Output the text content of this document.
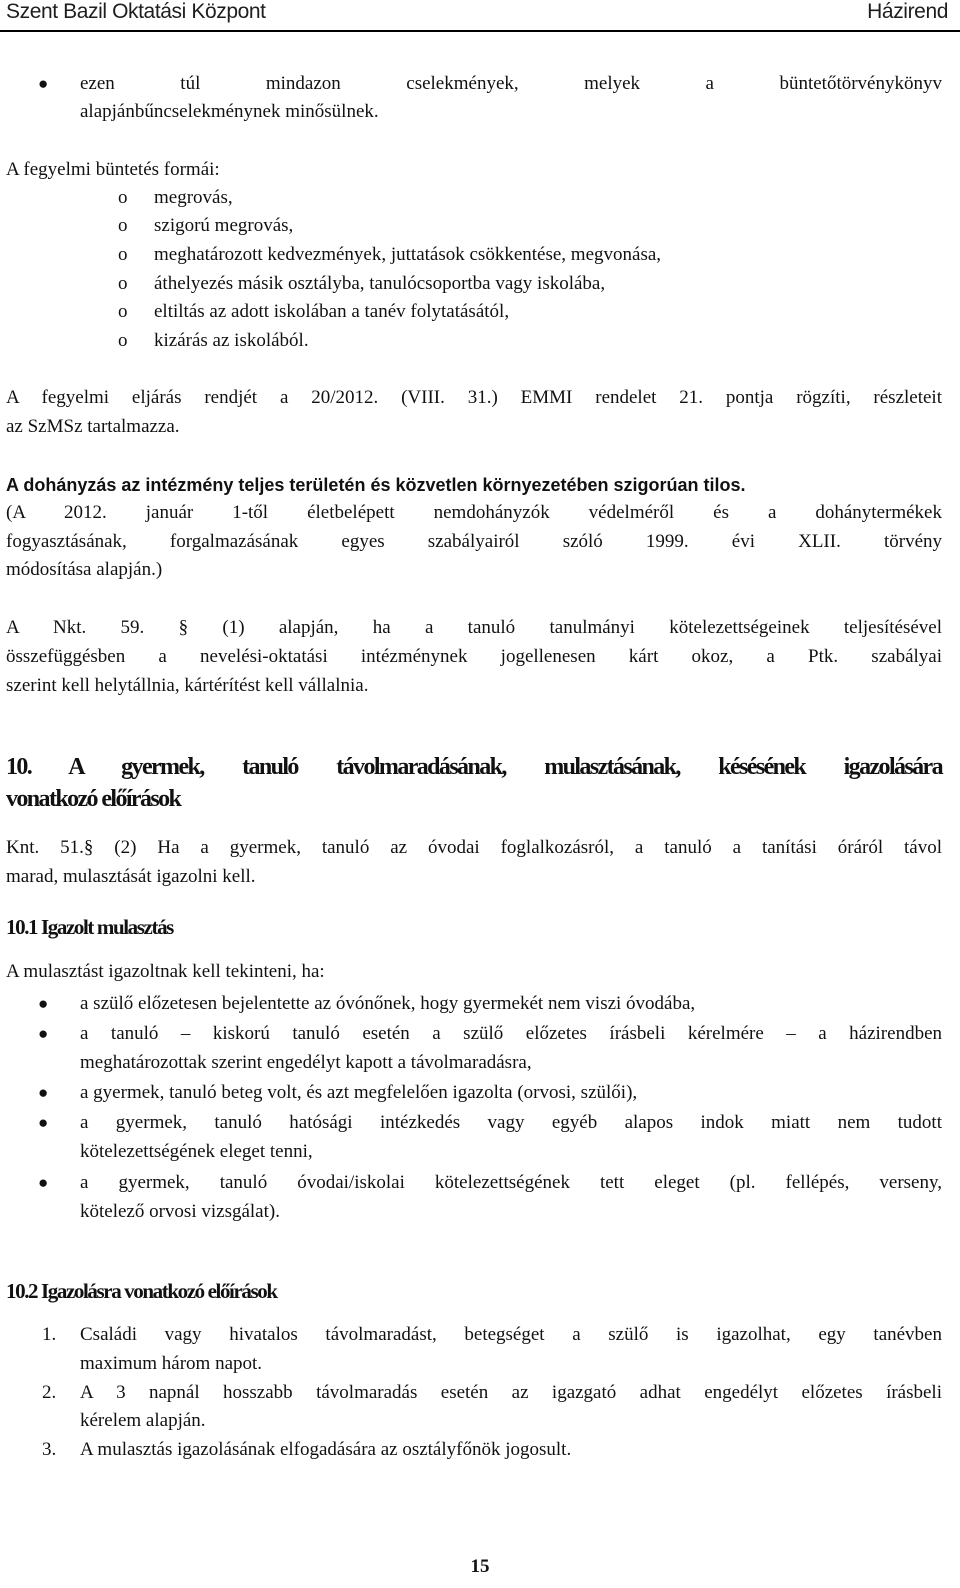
Szent Bazil Oktatási Központ	Házirend
● ezen túl mindazon cselekmények, melyek a büntetőtörvénykönyv
alapjánbűncselekménynek minősülnek.
A fegyelmi büntetés formái:
o megrovás,
o szigorú megrovás,
o meghatározott kedvezmények, juttatások csökkentése, megvonása,
o áthelyezés másik osztályba, tanulócsoportba vagy iskolába,
o eltiltás az adott iskolában a tanév folytatásától,
o kizárás az iskolából.
A fegyelmi eljárás rendjét a 20/2012. (VIII. 31.) EMMI rendelet 21. pontja rögzíti, részleteit
az SzMSz tartalmazza.
A dohányzás az intézmény teljes területén és közvetlen környezetében szigorúan tilos.
(A 2012. január 1-től életbelépett nemdohányzók védelméről és a dohánytermékek
fogyasztásának, forgalmazásának egyes szabályairól szóló 1999. évi XLII. törvény
módosítása alapján.)
A Nkt. 59. § (1) alapján, ha a tanuló tanulmányi kötelezettségeinek teljesítésével
összefüggésben a nevelési-oktatási intézménynek jogellenesen kárt okoz, a Ptk. szabályai
szerint kell helytállnia, kártérítést kell vállalnia.
10. A gyermek, tanuló távolmaradásának, mulasztásának, késésének igazolására
vonatkozó előírások
Knt. 51.§ (2) Ha a gyermek, tanuló az óvodai foglalkozásról, a tanuló a tanítási óráról távol
marad, mulasztását igazolni kell.
10.1 Igazolt mulasztás
A mulasztást igazoltnak kell tekinteni, ha:
● a szülő előzetesen bejelentette az óvónőnek, hogy gyermekét nem viszi óvodába,
● a tanuló – kiskorú tanuló esetén a szülő előzetes írásbeli kérelmére – a házirendben
meghatározottak szerint engedélyt kapott a távolmaradásra,
● a gyermek, tanuló beteg volt, és azt megfelelően igazolta (orvosi, szülői),
● a gyermek, tanuló hatósági intézkedés vagy egyéb alapos indok miatt nem tudott
kötelezettségének eleget tenni,
● a gyermek, tanuló óvodai/iskolai kötelezettségének tett eleget (pl. fellépés, verseny,
kötelező orvosi vizsgálat).
10.2 Igazolásra vonatkozó előírások
1. Családi vagy hivatalos távolmaradást, betegséget a szülő is igazolhat, egy tanévben
maximum három napot.
2. A 3 napnál hosszabb távolmaradás esetén az igazgató adhat engedélyt előzetes írásbeli
kérelem alapján.
3. A mulasztás igazolásának elfogadására az osztályfőnök jogosult.
15
